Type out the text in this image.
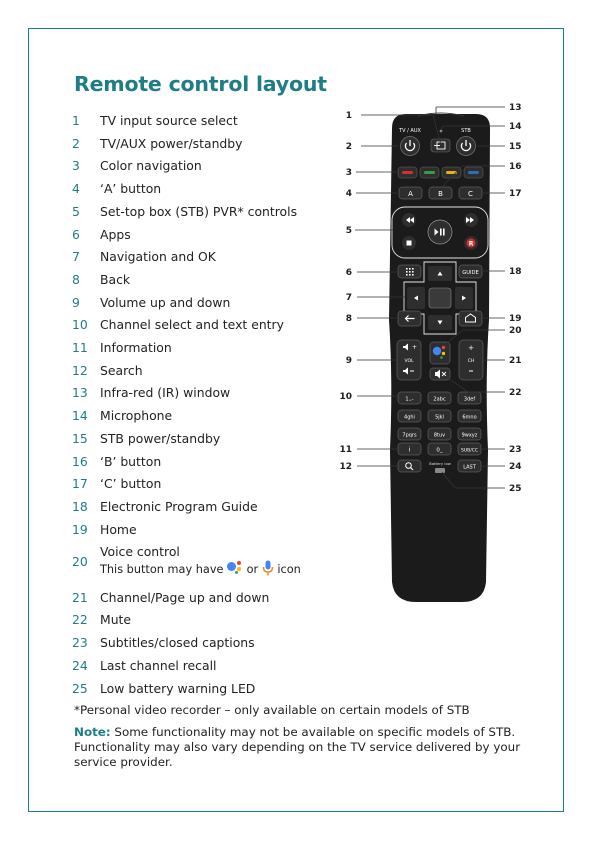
Remote control layout
1	TV input source select
2	TV/AUX power/standby
3	Color navigation
4	‘A’ button
5	Set-top box (STB) PVR* controls
6	Apps
7	Navigation and OK
8	Back
9	Volume up and down
10 Channel select and text entry
11 Information
12 Search
13 Infra-red (IR) window
14 Microphone
15 STB power/standby
16 ‘B’ button
17 ‘C’ button
18 Electronic Program Guide
19 Home
20
Voice control
This button may have or icon
21 Channel/Page up and down
22 Mute
23 Subtitles/closed captions
24 Last channel recall
25 Low battery warning LED

*Personal video recorder – only available on certain models of STB

Note: Some functionality may not be available on specific models of STB. Functionality may also vary depending on the TV service delivered by your service provider.

TV / AUX	STB
A	B	C
R
GUIDE
+
VOL
+
CH
1.,-	2abc	3def
4ghi	5jkl	6mno
7pqrs	8tuv	9wxyz
i	0_	SUB/CC
Battery low
LAST
1
2
3
4
5
6
7
8
9
10
11
12
13
14
15
16
17
18
19
20
21
22
23
24
25
